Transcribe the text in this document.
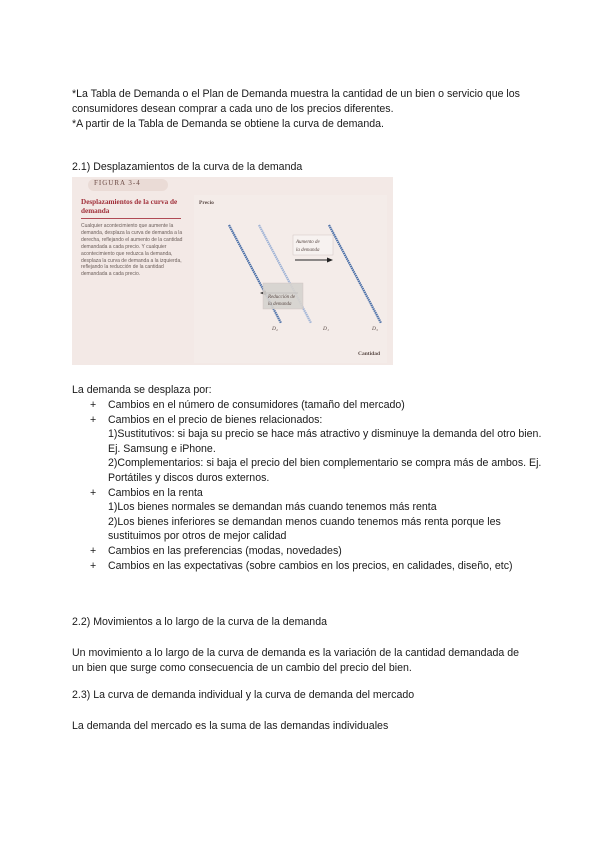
*La Tabla de Demanda o el Plan de Demanda muestra la cantidad de un bien o servicio que los consumidores desean comprar a cada uno de los precios diferentes.
*A partir de la Tabla de Demanda se obtiene la curva de demanda.
2.1) Desplazamientos de la curva de la demanda
FIGURA 3-4

Desplazamientos de la curva de demanda

Cualquier acontecimiento que aumente la demanda, desplaza la curva de demanda a la derecha, reflejando el aumento de la cantidad demandada a cada precio. Y cualquier acontecimiento que reduzca la demanda, desplaza la curva de demanda a la izquierda, reflejando la reducción de la cantidad demandada a cada precio.

Precio
Aumento de
la demanda
Reducción de
la demanda
D₂	D₁	D₃
Cantidad
La demanda se desplaza por:
+ Cambios en el número de consumidores (tamaño del mercado)
+ Cambios en el precio de bienes relacionados:
1)Sustitutivos: si baja su precio se hace más atractivo y disminuye la demanda del otro bien. Ej. Samsung e iPhone.
2)Complementarios: si baja el precio del bien complementario se compra más de ambos. Ej. Portátiles y discos duros externos.
+ Cambios en la renta
1)Los bienes normales se demandan más cuando tenemos más renta
2)Los bienes inferiores se demandan menos cuando tenemos más renta porque les sustituimos por otros de mejor calidad
+ Cambios en las preferencias (modas, novedades)
+ Cambios en las expectativas (sobre cambios en los precios, en calidades, diseño, etc)
2.2) Movimientos a lo largo de la curva de la demanda
Un movimiento a lo largo de la curva de demanda es la variación de la cantidad demandada de un bien que surge como consecuencia de un cambio del precio del bien.
2.3) La curva de demanda individual y la curva de demanda del mercado
La demanda del mercado es la suma de las demandas individuales
